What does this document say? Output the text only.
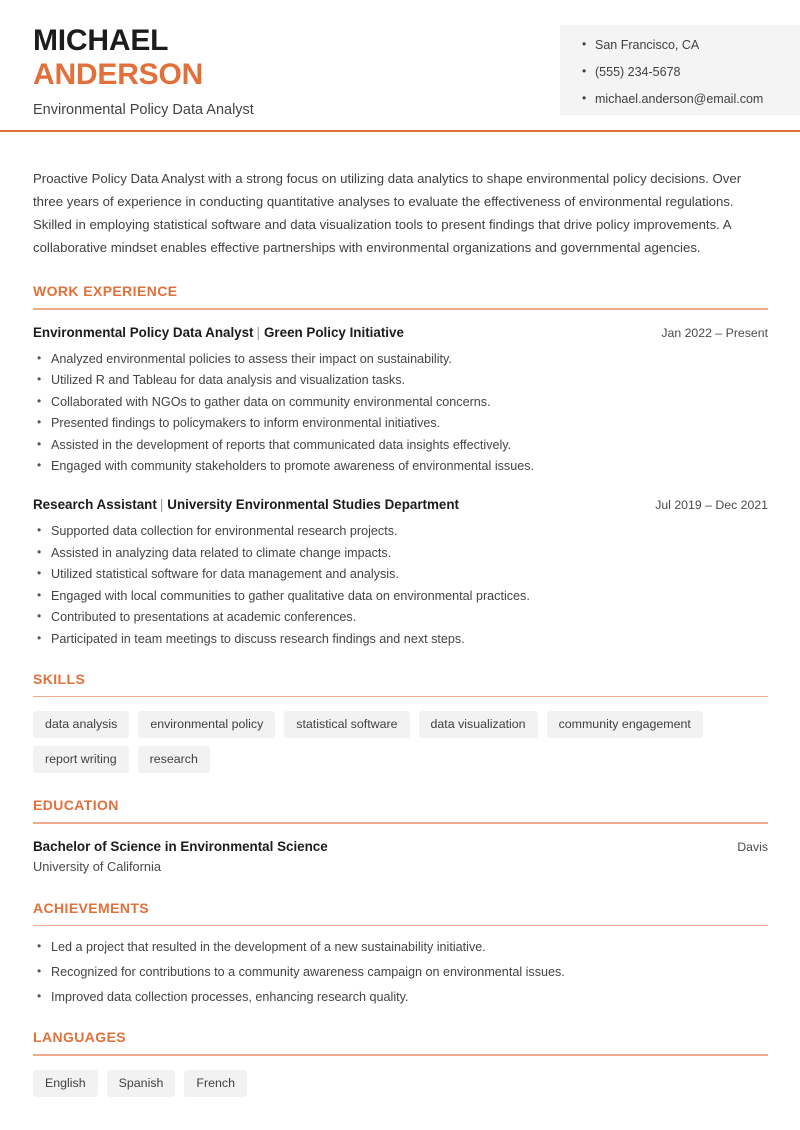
MICHAEL
ANDERSON
Environmental Policy Data Analyst
• San Francisco, CA
• (555) 234-5678
• michael.anderson@email.com

Proactive Policy Data Analyst with a strong focus on utilizing data analytics to shape environmental policy decisions. Over three years of experience in conducting quantitative analyses to evaluate the effectiveness of environmental regulations. Skilled in employing statistical software and data visualization tools to present findings that drive policy improvements. A collaborative mindset enables effective partnerships with environmental organizations and governmental agencies.

WORK EXPERIENCE
Environmental Policy Data Analyst | Green Policy Initiative	Jan 2022 – Present
• Analyzed environmental policies to assess their impact on sustainability.
• Utilized R and Tableau for data analysis and visualization tasks.
• Collaborated with NGOs to gather data on community environmental concerns.
• Presented findings to policymakers to inform environmental initiatives.
• Assisted in the development of reports that communicated data insights effectively.
• Engaged with community stakeholders to promote awareness of environmental issues.
Research Assistant | University Environmental Studies Department	Jul 2019 – Dec 2021
• Supported data collection for environmental research projects.
• Assisted in analyzing data related to climate change impacts.
• Utilized statistical software for data management and analysis.
• Engaged with local communities to gather qualitative data on environmental practices.
• Contributed to presentations at academic conferences.
• Participated in team meetings to discuss research findings and next steps.
SKILLS
data analysis	environmental policy	statistical software	data visualization	community engagement
report writing	research
EDUCATION
Bachelor of Science in Environmental Science	Davis
University of California
ACHIEVEMENTS
• Led a project that resulted in the development of a new sustainability initiative.
• Recognized for contributions to a community awareness campaign on environmental issues.
• Improved data collection processes, enhancing research quality.
LANGUAGES
English	Spanish	French
